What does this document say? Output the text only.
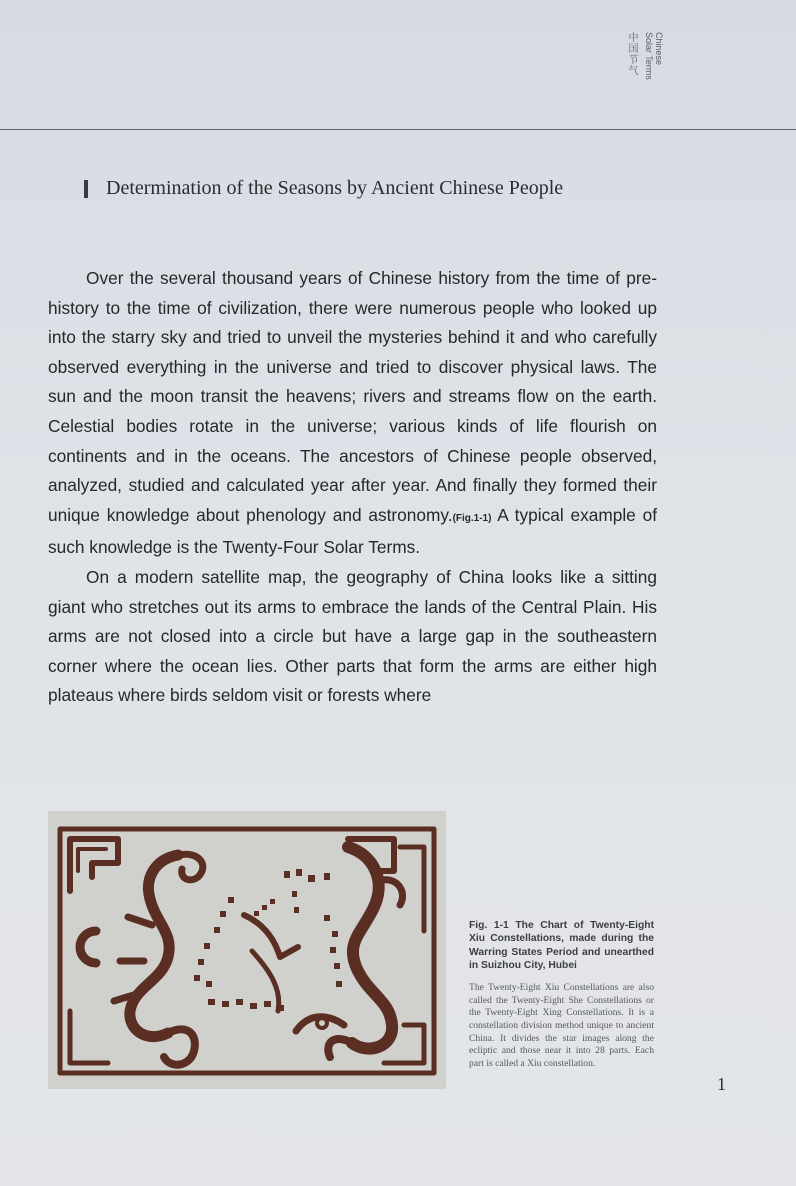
Chinese
Solar Terms
中国节气
Determination of the Seasons by Ancient Chinese People

Over the several thousand years of Chinese history from the time of pre-history to the time of civilization, there were numerous people who looked up into the starry sky and tried to unveil the mysteries behind it and who carefully observed everything in the universe and tried to discover physical laws. The sun and the moon transit the heavens; rivers and streams flow on the earth. Celestial bodies rotate in the universe; various kinds of life flourish on continents and in the oceans. The ancestors of Chinese people observed, analyzed, studied and calculated year after year. And finally they formed their unique knowledge about phenology and astronomy.(Fig.1-1) A typical example of such knowledge is the Twenty-Four Solar Terms.

On a modern satellite map, the geography of China looks like a sitting giant who stretches out its arms to embrace the lands of the Central Plain. His arms are not closed into a circle but have a large gap in the southeastern corner where the ocean lies. Other parts that form the arms are either high plateaus where birds seldom visit or forests where

Fig. 1-1 The Chart of Twenty-Eight Xiu Constellations, made during the Warring States Period and unearthed in Suizhou City, Hubei

The Twenty-Eight Xiu Constellations are also called the Twenty-Eight She Constellations or the Twenty-Eight Xing Constellations. It is a constellation division method unique to ancient China. It divides the star images along the ecliptic and those near it into 28 parts. Each part is called a Xiu constellation.

1
